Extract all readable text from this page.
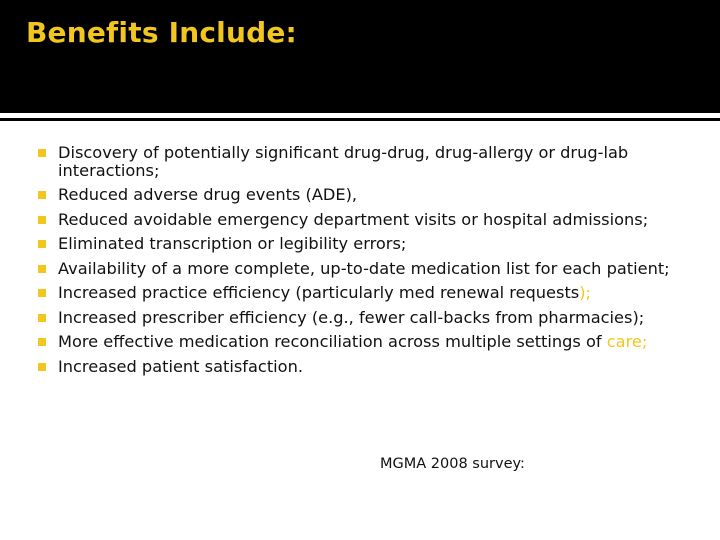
Benefits Include:
Discovery of potentially significant drug-drug, drug-allergy or drug-lab interactions;
Reduced adverse drug events (ADE),
Reduced avoidable emergency department visits or hospital admissions;
Eliminated transcription or legibility errors;
Availability of a more complete, up-to-date medication list for each patient;
Increased practice efficiency (particularly med renewal requests);
Increased prescriber efficiency (e.g., fewer call-backs from pharmacies);
More effective medication reconciliation across multiple settings of care;
Increased patient satisfaction.
MGMA 2008 survey:
